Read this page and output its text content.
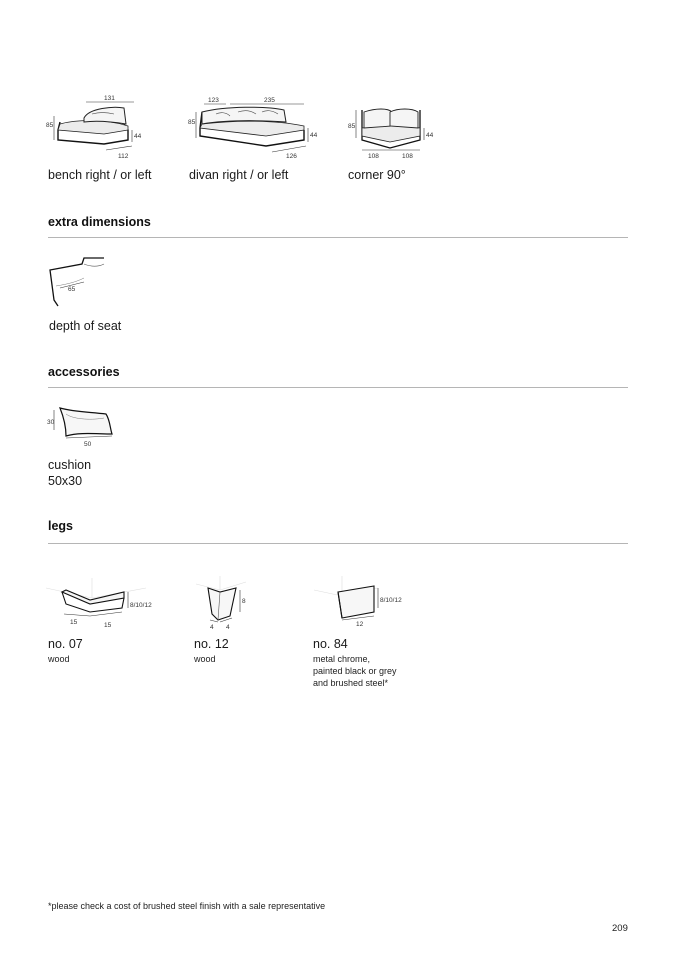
131
85
44
112
bench right / or left
123	235
85
44
126
divan right / or left
85
44
108	108
corner 90°
extra dimensions
65
depth of seat
accessories
30
50
cushion
50x30
legs
8/10/12
15	15
no. 07
wood
8
4 4
no. 12
wood
8/10/12
12
no. 84
metal chrome,
painted black or grey
and brushed steel*
*please check a cost of brushed steel finish with a sale representative
209
